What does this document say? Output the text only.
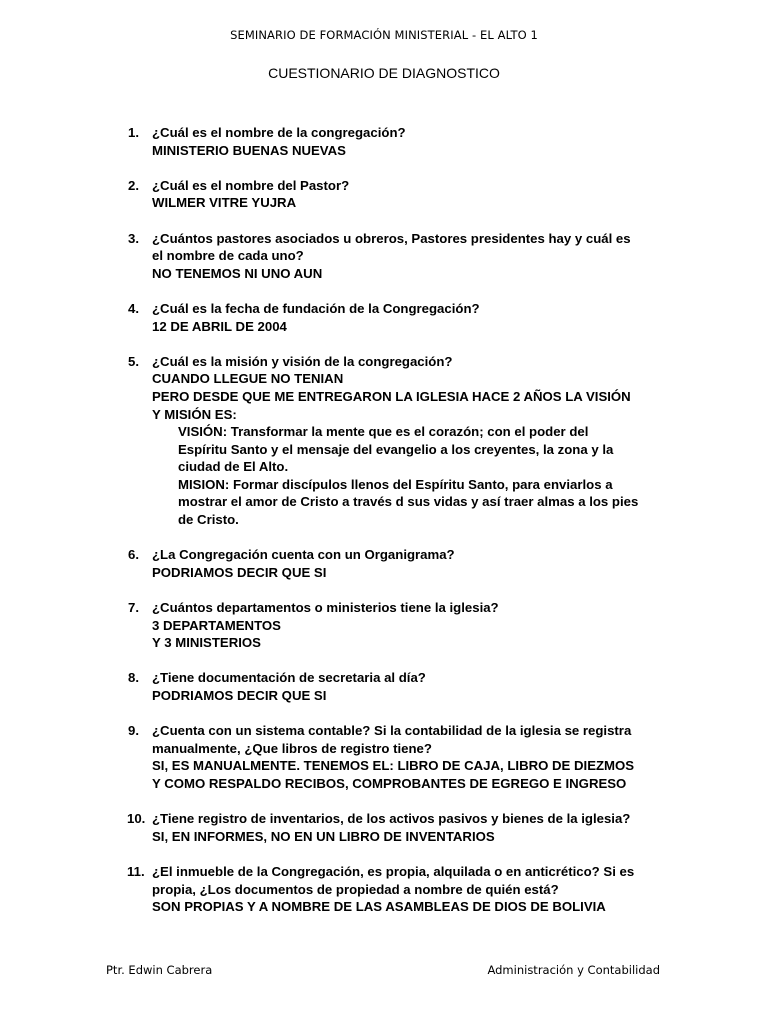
SEMINARIO DE FORMACIÓN MINISTERIAL - EL ALTO 1
CUESTIONARIO DE DIAGNOSTICO
1. ¿Cuál es el nombre de la congregación?

MINISTERIO BUENAS NUEVAS

2. ¿Cuál es el nombre del Pastor?

WILMER VITRE YUJRA

3. ¿Cuántos pastores asociados u obreros, Pastores presidentes hay y cuál es

el nombre de cada uno?

NO TENEMOS NI UNO AUN

4. ¿Cuál es la fecha de fundación de la Congregación?

12 DE ABRIL DE 2004

5. ¿Cuál es la misión y visión de la congregación?

CUANDO LLEGUE NO TENIAN

PERO DESDE QUE ME ENTREGARON LA IGLESIA HACE 2 AÑOS LA VISIÓN

Y MISIÓN ES:

VISIÓN: Transformar la mente que es el corazón; con el poder del

Espíritu Santo y el mensaje del evangelio a los creyentes, la zona y la

ciudad de El Alto.

MISION: Formar discípulos llenos del Espíritu Santo, para enviarlos a

mostrar el amor de Cristo a través d sus vidas y así traer almas a los pies

de Cristo.

6. ¿La Congregación cuenta con un Organigrama?

PODRIAMOS DECIR QUE SI

7. ¿Cuántos departamentos o ministerios tiene la iglesia?

3 DEPARTAMENTOS

Y 3 MINISTERIOS

8. ¿Tiene documentación de secretaria al día?

PODRIAMOS DECIR QUE SI

9. ¿Cuenta con un sistema contable? Si la contabilidad de la iglesia se registra

manualmente, ¿Que libros de registro tiene?

SI, ES MANUALMENTE. TENEMOS EL: LIBRO DE CAJA, LIBRO DE DIEZMOS

Y COMO RESPALDO RECIBOS, COMPROBANTES DE EGREGO E INGRESO

10. ¿Tiene registro de inventarios, de los activos pasivos y bienes de la iglesia?

SI, EN INFORMES, NO EN UN LIBRO DE INVENTARIOS

11. ¿El inmueble de la Congregación, es propia, alquilada o en anticrético? Si es

propia, ¿Los documentos de propiedad a nombre de quién está?

SON PROPIAS Y A NOMBRE DE LAS ASAMBLEAS DE DIOS DE BOLIVIA

Ptr. Edwin Cabrera	Administración y Contabilidad
